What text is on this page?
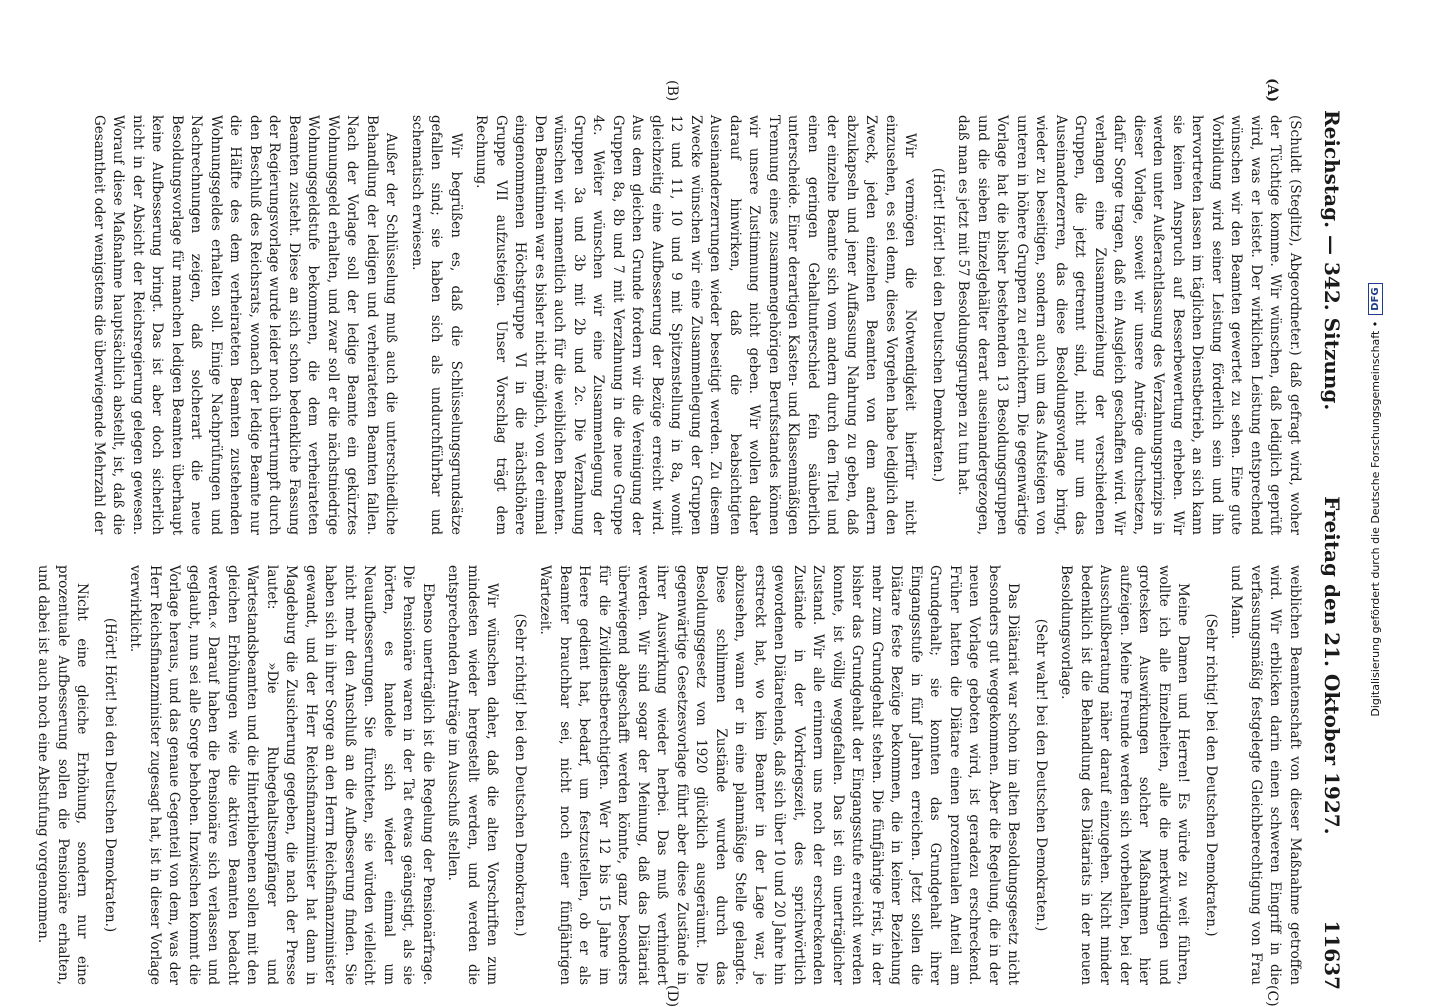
Reichstag. — 342. Sitzung.
Freitag den 21. Oktober 1927.
11637
(A)
(B)
(C)
(D)

(Schuldt (Steglitz), Abgeordneter.) daß gefragt wird, woher der Tüchtige komme. Wir wünschen, daß lediglich geprüft wird, was er leistet. Der wirklichen Leistung entsprechend wünschen wir den Beamten gewertet zu sehen. Eine gute Vorbildung wird seiner Leistung förderlich sein und ihn hervortreten lassen im täglichen Dienstbetrieb, an sich kann sie keinen Anspruch auf Besserbewertung erheben. Wir werden unter Außerachtlassung des Verzahnungsprinzips in dieser Vorlage, soweit wir unsere Anträge durchsetzen, dafür Sorge tragen, daß ein Ausgleich geschaffen wird. Wir verlangen eine Zusammenziehung der verschiedenen Gruppen, die jetzt getrennt sind, nicht nur um das Auseinanderzerren, das diese Besoldungsvorlage bringt, wieder zu beseitigen, sondern auch um das Aufsteigen von unteren in höhere Gruppen zu erleichtern. Die gegenwärtige Vorlage hat die bisher bestehenden 13 Besoldungsgruppen und die sieben Einzelgehälter derart auseinandergezogen, daß man es jetzt mit 57 Besoldungsgruppen zu tun hat.

(Hört! Hört! bei den Deutschen Demokraten.)

Wir vermögen die Notwendigkeit hierfür nicht einzusehen, es sei denn, dieses Vorgehen habe lediglich den Zweck, jeden einzelnen Beamten von dem andern abzukapseln und jener Auffassung Nahrung zu geben, daß der einzelne Beamte sich vom andern durch den Titel und einen geringen Gehaltunterschied fein säuberlich unterscheide. Einer derartigen Kasten- und Klassenmäßigen Trennung eines zusammengehörigen Berufsstandes können wir unsere Zustimmung nicht geben. Wir wollen daher darauf hinwirken, daß die beabsichtigten Auseinanderzerrungen wieder beseitigt werden. Zu diesem Zwecke wünschen wir eine Zusammenlegung der Gruppen 12 und 11, 10 und 9 mit Spitzenstellung in 8a, womit gleichzeitig eine Aufbesserung der Bezüge erreicht wird. Aus dem gleichen Grunde fordern wir die Vereinigung der Gruppen 8a, 8b und 7 mit Verzahnung in die neue Gruppe 4c. Weiter wünschen wir eine Zusammenlegung der Gruppen 3a und 3b mit 2b und 2c. Die Verzahnung wünschen wir namentlich auch für die weiblichen Beamten. Den Beamtinnen war es bisher nicht möglich, von der einmal eingenommenen Höchstgruppe VI in die nächsthöhere Gruppe VII aufzusteigen. Unser Vorschlag trägt dem Rechnung.

Wir begrüßen es, daß die Schlüsselungsgrundsätze gefallen sind; sie haben sich als undurchführbar und schematisch erwiesen.

Außer der Schlüsselung muß auch die unterschiedliche Behandlung der ledigen und verheirateten Beamten fallen. Nach der Vorlage soll der ledige Beamte ein gekürztes Wohnungsgeld erhalten, und zwar soll er die nächstniedrige Wohnungsgeldstufe bekommen, die dem verheirateten Beamten zusteht. Diese an sich schon bedenkliche Fassung der Regierungsvorlage wurde leider noch übertrumpft durch den Beschluß des Reichsrats, wonach der ledige Beamte nur die Hälfte des dem verheirateten Beamten zustehenden Wohnungsgeldes erhalten soll. Einige Nachprüfungen und Nachrechnungen zeigen, daß solcherart die neue Besoldungsvorlage für manchen ledigen Beamten überhaupt keine Aufbesserung bringt. Das ist aber doch sicherlich nicht in der Absicht der Reichsregierung gelegen gewesen. Worauf diese Maßnahme hauptsächlich abstellt, ist, daß die Gesamtheit oder wenigstens die überwiegende Mehrzahl der

weiblichen Beamtenschaft von dieser Maßnahme getroffen wird. Wir erblicken darin einen schweren Eingriff in die verfassungsmäßig festgelegte Gleichberechtigung von Frau und Mann.

(Sehr richtig! bei den Deutschen Demokraten.)

Meine Damen und Herren! Es würde zu weit führen, wollte ich alle Einzelheiten, alle die merkwürdigen und grotesken Auswirkungen solcher Maßnahmen hier aufzeigen. Meine Freunde werden sich vorbehalten, bei der Ausschußberatung näher darauf einzugehen. Nicht minder bedenklich ist die Behandlung des Diätariats in der neuen Besoldungsvorlage.

(Sehr wahr! bei den Deutschen Demokraten.)

Das Diätariat war schon im alten Besoldungsgesetz nicht besonders gut weggekommen. Aber die Regelung, die in der neuen Vorlage geboten wird, ist geradezu erschreckend. Früher hatten die Diätare einen prozentualen Anteil am Grundgehalt; sie konnten das Grundgehalt ihrer Eingangsstufe in fünf Jahren erreichen. Jetzt sollen die Diätare feste Bezüge bekommen, die in keiner Beziehung mehr zum Grundgehalt stehen. Die fünfjährige Frist, in der bisher das Grundgehalt der Eingangsstufe erreicht werden konnte, ist völlig weggefallen. Das ist ein unerträglicher Zustand. Wir alle erinnern uns noch der erschreckenden Zustände in der Vorkriegszeit, des sprichwörtlich gewordenen Diätarelends, daß sich über 10 und 20 Jahre hin erstreckt hat, wo kein Beamter in der Lage war, je abzusehen, wann er in eine planmäßige Stelle gelangte. Diese schlimmen Zustände wurden durch das Besoldungsgesetz von 1920 glücklich ausgeräumt. Die gegenwärtige Gesetzesvorlage führt aber diese Zustände in ihrer Auswirkung wieder herbei. Das muß verhindert werden. Wir sind sogar der Meinung, daß das Diätariat überwiegend abgeschafft werden könnte, ganz besonders für die Zivildienstberechtigten. Wer 12 bis 15 Jahre im Heere gedient hat, bedarf, um festzustellen, ob er als Beamter brauchbar sei, nicht noch einer fünfjährigen Wartezeit.

(Sehr richtig! bei den Deutschen Demokraten.)

Wir wünschen daher, daß die alten Vorschriften zum mindesten wieder hergestellt werden, und werden die entsprechenden Anträge im Ausschuß stellen.

Ebenso unerträglich ist die Regelung der Pensionärfrage. Die Pensionäre waren in der Tat etwas geängstigt, als sie hörten, es handele sich wieder einmal um Neuaufbesserungen. Sie fürchteten, sie würden vielleicht nicht mehr den Anschluß an die Aufbesserung finden. Sie haben sich in ihrer Sorge an den Herrn Reichsfinanzminister gewandt, und der Herr Reichsfinanzminister hat dann in Magdeburg die Zusicherung gegeben, die nach der Presse lautet: »Die Ruhegehaltsempfänger und Wartestandsbeamten und die Hinterbliebenen sollen mit den gleichen Erhöhungen wie die aktiven Beamten bedacht werden.« Darauf haben die Pensionäre sich verlassen und geglaubt, nun sei alle Sorge behoben. Inzwischen kommt die Vorlage heraus, und das genaue Gegenteil von dem, was der Herr Reichsfinanzminister zugesagt hat, ist in dieser Vorlage verwirklicht.

(Hört! Hört! bei den Deutschen Demokraten.)

Nicht eine gleiche Erhöhung, sondern nur eine prozentuale Aufbesserung sollen die Pensionäre erhalten, und dabei ist auch noch eine Abstufung vorgenommen.

Digitalisierung gefördert durch die Deutsche Forschungsgemeinschaft •
DFG
